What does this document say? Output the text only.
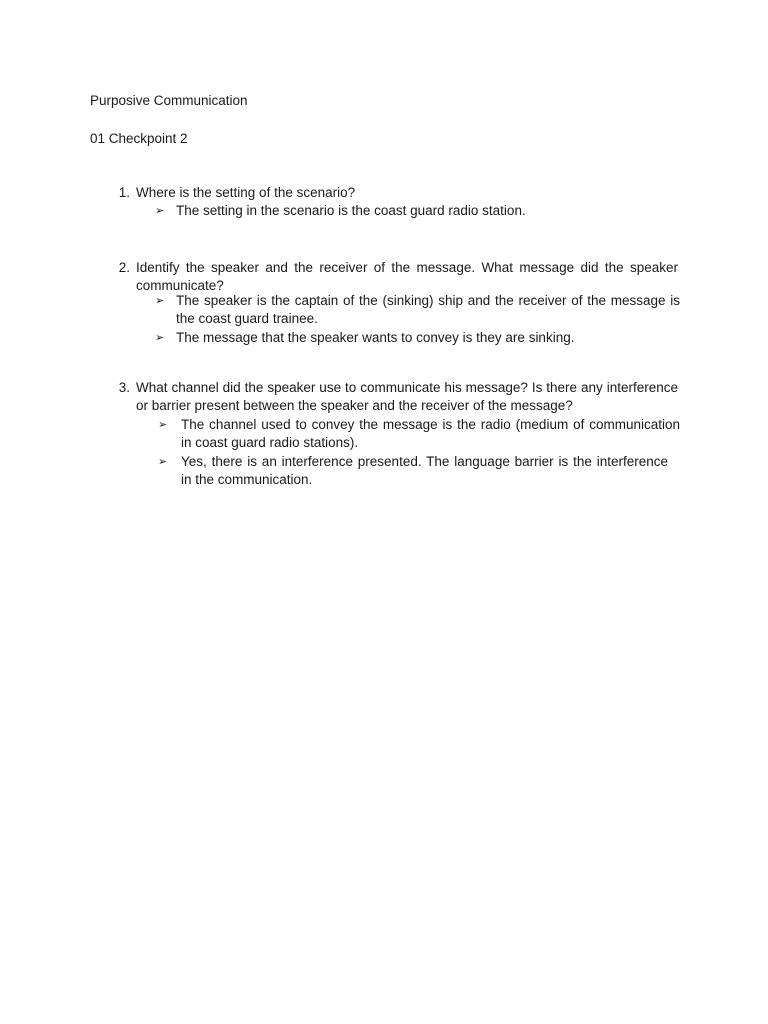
Purposive Communication
01 Checkpoint 2
1. Where is the setting of the scenario?
➢ The setting in the scenario is the coast guard radio station.
2. Identify the speaker and the receiver of the message. What message did the speaker communicate?
➢ The speaker is the captain of the (sinking) ship and the receiver of the message is the coast guard trainee.
➢ The message that the speaker wants to convey is they are sinking.
3. What channel did the speaker use to communicate his message? Is there any interference or barrier present between the speaker and the receiver of the message?
➢ The channel used to convey the message is the radio (medium of communication in coast guard radio stations).
➢ Yes, there is an interference presented. The language barrier is the interference in the communication.
